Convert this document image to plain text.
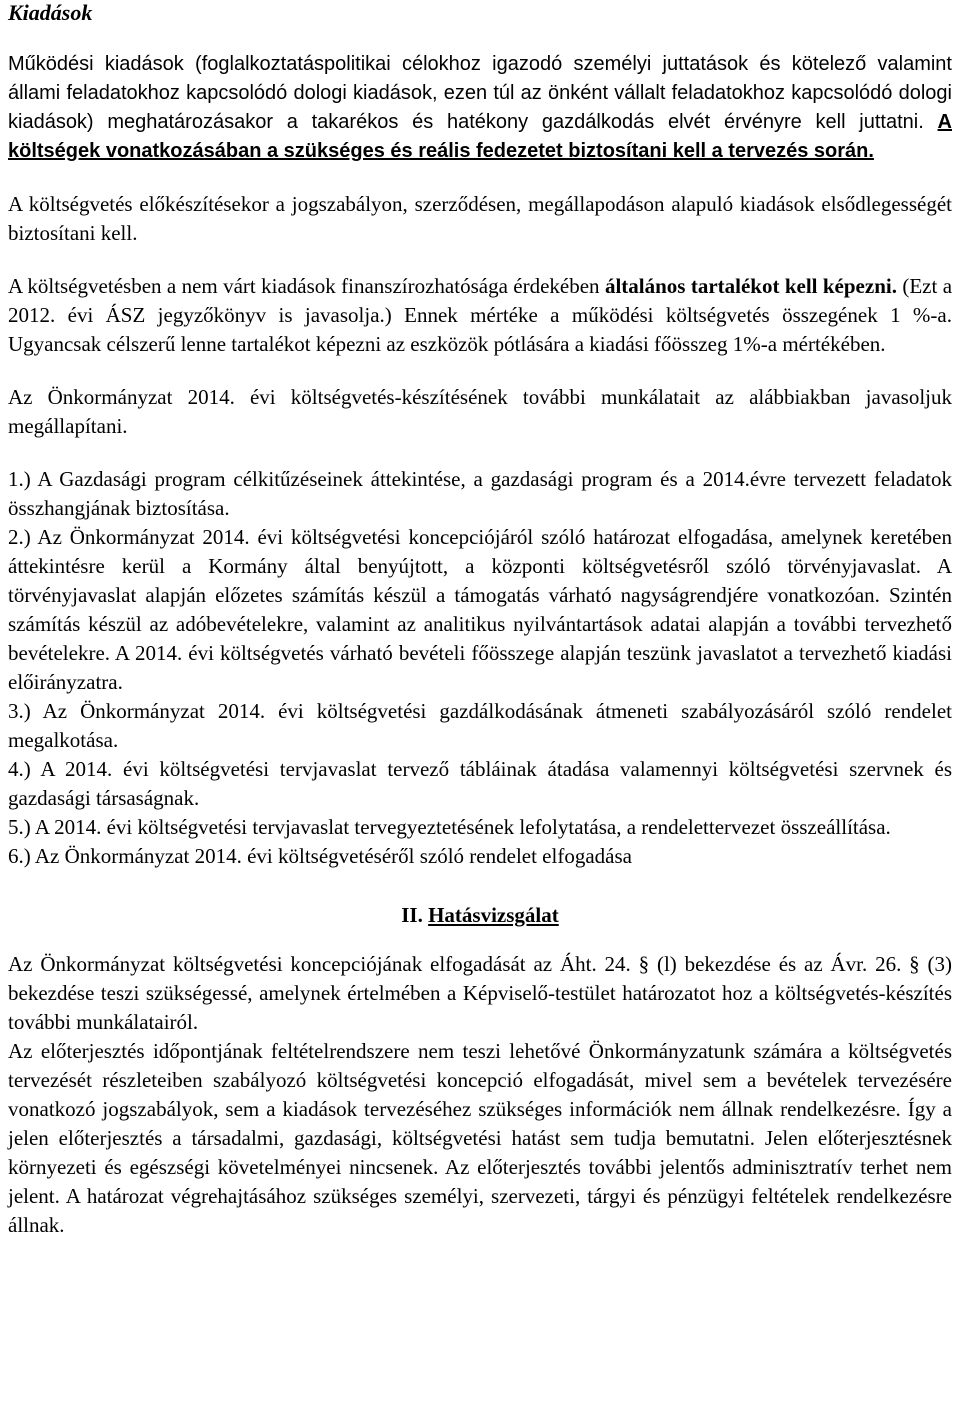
Kiadások

Működési kiadások (foglalkoztatáspolitikai célokhoz igazodó személyi juttatások és kötelező valamint állami feladatokhoz kapcsolódó dologi kiadások, ezen túl az önként vállalt feladatokhoz kapcsolódó dologi kiadások) meghatározásakor a takarékos és hatékony gazdálkodás elvét érvényre kell juttatni. A költségek vonatkozásában a szükséges és reális fedezetet biztosítani kell a tervezés során.

A költségvetés előkészítésekor a jogszabályon, szerződésen, megállapodáson alapuló kiadások elsődlegességét biztosítani kell.

A költségvetésben a nem várt kiadások finanszírozhatósága érdekében általános tartalékot kell képezni. (Ezt a 2012. évi ÁSZ jegyzőkönyv is javasolja.) Ennek mértéke a működési költségvetés összegének 1 %-a. Ugyancsak célszerű lenne tartalékot képezni az eszközök pótlására a kiadási főösszeg 1%-a mértékében.

Az Önkormányzat 2014. évi költségvetés-készítésének további munkálatait az alábbiakban javasoljuk megállapítani.

1.) A Gazdasági program célkitűzéseinek áttekintése, a gazdasági program és a 2014.évre tervezett feladatok összhangjának biztosítása.

2.) Az Önkormányzat 2014. évi költségvetési koncepciójáról szóló határozat elfogadása, amelynek keretében áttekintésre kerül a Kormány által benyújtott, a központi költségvetésről szóló törvényjavaslat. A törvényjavaslat alapján előzetes számítás készül a támogatás várható nagyságrendjére vonatkozóan. Szintén számítás készül az adóbevételekre, valamint az analitikus nyilvántartások adatai alapján a további tervezhető bevételekre. A 2014. évi költségvetés várható bevételi főösszege alapján teszünk javaslatot a tervezhető kiadási előirányzatra.

3.) Az Önkormányzat 2014. évi költségvetési gazdálkodásának átmeneti szabályozásáról szóló rendelet megalkotása.

4.) A 2014. évi költségvetési tervjavaslat tervező tábláinak átadása valamennyi költségvetési szervnek és gazdasági társaságnak.

5.) A 2014. évi költségvetési tervjavaslat tervegyeztetésének lefolytatása, a rendelettervezet összeállítása.

6.) Az Önkormányzat 2014. évi költségvetéséről szóló rendelet elfogadása

II. Hatásvizsgálat

Az Önkormányzat költségvetési koncepciójának elfogadását az Áht. 24. § (l) bekezdése és az Ávr. 26. § (3) bekezdése teszi szükségessé, amelynek értelmében a Képviselő-testület határozatot hoz a költségvetés-készítés további munkálatairól.

Az előterjesztés időpontjának feltételrendszere nem teszi lehetővé Önkormányzatunk számára a költségvetés tervezését részleteiben szabályozó költségvetési koncepció elfogadását, mivel sem a bevételek tervezésére vonatkozó jogszabályok, sem a kiadások tervezéséhez szükséges információk nem állnak rendelkezésre. Így a jelen előterjesztés a társadalmi, gazdasági, költségvetési hatást sem tudja bemutatni. Jelen előterjesztésnek környezeti és egészségi követelményei nincsenek. Az előterjesztés további jelentős adminisztratív terhet nem jelent. A határozat végrehajtásához szükséges személyi, szervezeti, tárgyi és pénzügyi feltételek rendelkezésre állnak.
